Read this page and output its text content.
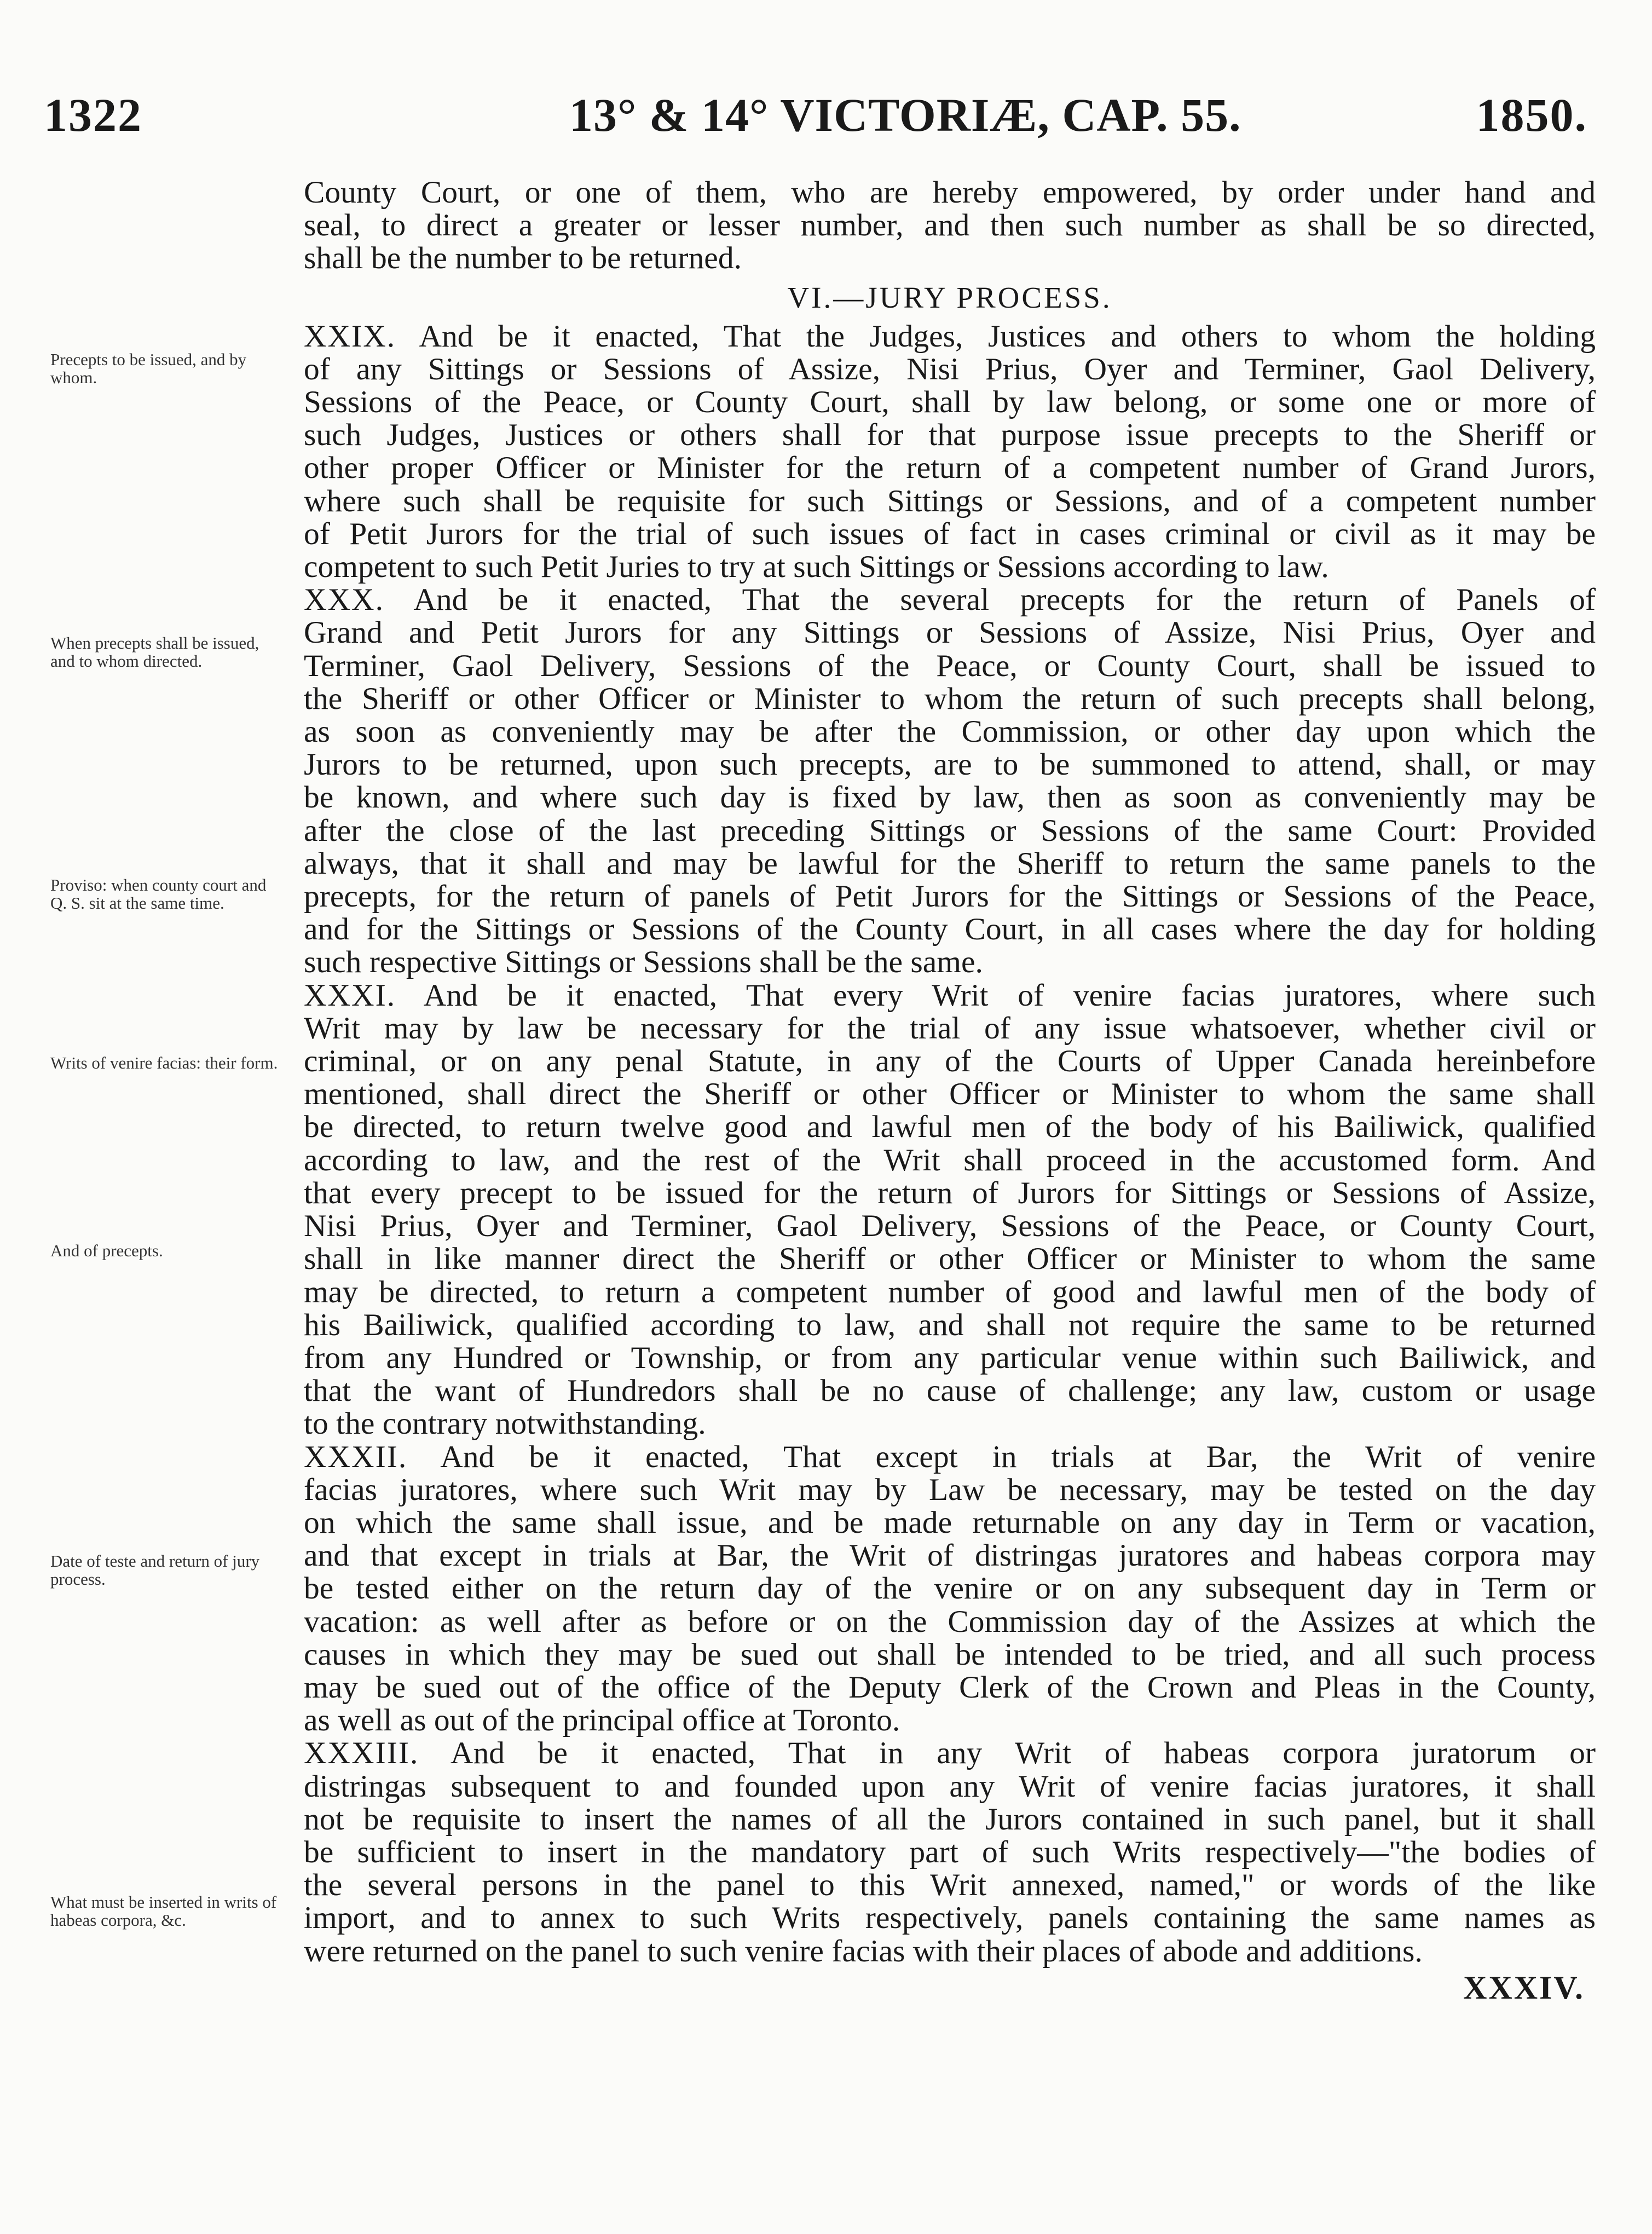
1322	13° & 14° VICTORIÆ, CAP. 55.	1850.
Precepts to be issued, and by whom.
When precepts shall be issued, and to whom directed.
Proviso: when county court and Q. S. sit at the same time.
Writs of venire facias: their form.
And of precepts.
Date of teste and return of jury process.
What must be inserted in writs of habeas corpora, &c.
County Court, or one of them, who are hereby empowered, by order under hand and
seal, to direct a greater or lesser number, and then such number as shall be so directed,
shall be the number to be returned.
VI.—JURY PROCESS.
XXIX. And be it enacted, That the Judges, Justices and others to whom the holding
of any Sittings or Sessions of Assize, Nisi Prius, Oyer and Terminer, Gaol Delivery,
Sessions of the Peace, or County Court, shall by law belong, or some one or more of
such Judges, Justices or others shall for that purpose issue precepts to the Sheriff or
other proper Officer or Minister for the return of a competent number of Grand Jurors,
where such shall be requisite for such Sittings or Sessions, and of a competent number
of Petit Jurors for the trial of such issues of fact in cases criminal or civil as it may be
competent to such Petit Juries to try at such Sittings or Sessions according to law.
XXX. And be it enacted, That the several precepts for the return of Panels of
Grand and Petit Jurors for any Sittings or Sessions of Assize, Nisi Prius, Oyer and
Terminer, Gaol Delivery, Sessions of the Peace, or County Court, shall be issued to
the Sheriff or other Officer or Minister to whom the return of such precepts shall belong,
as soon as conveniently may be after the Commission, or other day upon which the
Jurors to be returned, upon such precepts, are to be summoned to attend, shall, or may
be known, and where such day is fixed by law, then as soon as conveniently may be
after the close of the last preceding Sittings or Sessions of the same Court: Provided
always, that it shall and may be lawful for the Sheriff to return the same panels to the
precepts, for the return of panels of Petit Jurors for the Sittings or Sessions of the Peace,
and for the Sittings or Sessions of the County Court, in all cases where the day for holding
such respective Sittings or Sessions shall be the same.
XXXI. And be it enacted, That every Writ of venire facias juratores, where such
Writ may by law be necessary for the trial of any issue whatsoever, whether civil or
criminal, or on any penal Statute, in any of the Courts of Upper Canada hereinbefore
mentioned, shall direct the Sheriff or other Officer or Minister to whom the same shall
be directed, to return twelve good and lawful men of the body of his Bailiwick, qualified
according to law, and the rest of the Writ shall proceed in the accustomed form. And
that every precept to be issued for the return of Jurors for Sittings or Sessions of Assize,
Nisi Prius, Oyer and Terminer, Gaol Delivery, Sessions of the Peace, or County Court,
shall in like manner direct the Sheriff or other Officer or Minister to whom the same
may be directed, to return a competent number of good and lawful men of the body of
his Bailiwick, qualified according to law, and shall not require the same to be returned
from any Hundred or Township, or from any particular venue within such Bailiwick, and
that the want of Hundredors shall be no cause of challenge; any law, custom or usage
to the contrary notwithstanding.
XXXII. And be it enacted, That except in trials at Bar, the Writ of venire
facias juratores, where such Writ may by Law be necessary, may be tested on the day
on which the same shall issue, and be made returnable on any day in Term or vacation,
and that except in trials at Bar, the Writ of distringas juratores and habeas corpora may
be tested either on the return day of the venire or on any subsequent day in Term or
vacation: as well after as before or on the Commission day of the Assizes at which the
causes in which they may be sued out shall be intended to be tried, and all such process
may be sued out of the office of the Deputy Clerk of the Crown and Pleas in the County,
as well as out of the principal office at Toronto.
XXXIII. And be it enacted, That in any Writ of habeas corpora juratorum or
distringas subsequent to and founded upon any Writ of venire facias juratores, it shall
not be requisite to insert the names of all the Jurors contained in such panel, but it shall
be sufficient to insert in the mandatory part of such Writs respectively—"the bodies of
the several persons in the panel to this Writ annexed, named," or words of the like
import, and to annex to such Writs respectively, panels containing the same names as
were returned on the panel to such venire facias with their places of abode and additions.
XXXIV.
